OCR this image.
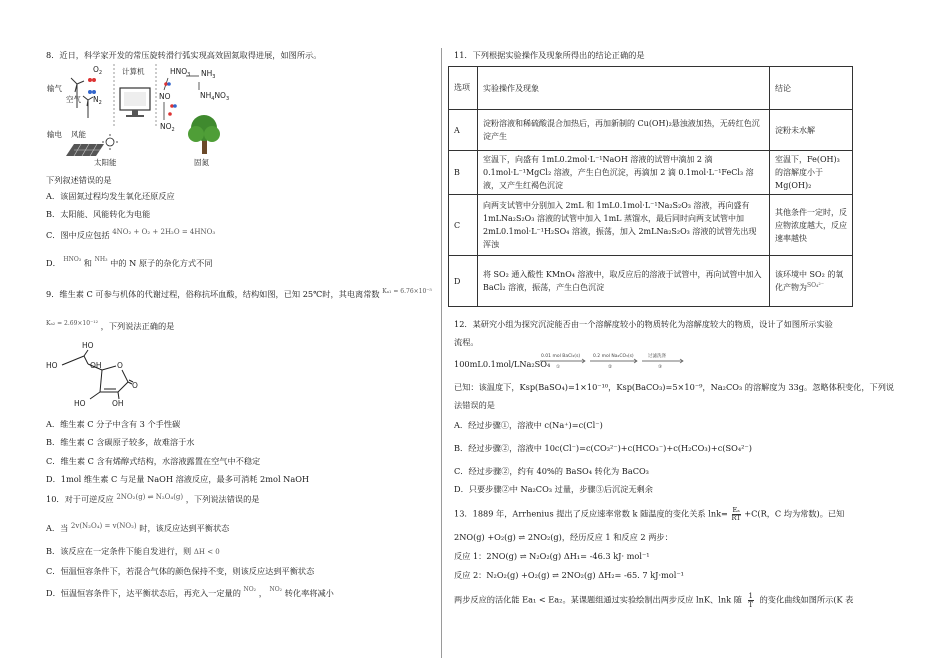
8．近日，科学家开发的常压旋转滑行弧实现高效固氮取得进展，如图所示。
输气
空气
$O_2$
$N_2$
输电 风能
太阳能
计算机	$HNO_3$ $NH_3$
NO	$NH_4NO_3$
$NO_2$
固氮
下列叙述错误的是
A．该固氮过程均发生氧化还原反应
B．太阳能、风能转化为电能
C．图中反应包括 4NO₂ + O₂ + 2H₂O = 4HNO₃
D． $^{HNO_3}$ 和 $^{NH_3}$ 中的 N 原子的杂化方式不同
9．维生素 C 可参与机体的代谢过程，俗称抗坏血酸，结构如图，已知 25℃时，其电离常数 $^{K_{a1} = 6.76\times 10^{-5}}$
$^{K_{a2} = 2.69\times 10^{-12}}$ ，下列说法正确的是
HO
HO	OH O
O
HO	OH
A．维生素 C 分子中含有 3 个手性碳
B．维生素 C 含碳原子较多，故难溶于水
C．维生素 C 含有烯醇式结构，水溶液露置在空气中不稳定
D．1mol 维生素 C 与足量 NaOH 溶液反应，最多可消耗 2mol NaOH
10．对于可逆反应 2NO₂(g) ⇌ N₂O₄(g) ，下列说法错误的是
A．当 2v(N₂O₄) = v(NO₂) 时，该反应达到平衡状态
B．该反应在一定条件下能自发进行，则 ΔH < 0
C．恒温恒容条件下，若混合气体的颜色保持不变，则该反应达到平衡状态
D．恒温恒容条件下，达平衡状态后，再充入一定量的 $^{NO_2}$ ， $^{NO_2}$ 转化率将减小
11．下列根据实验操作及现象所得出的结论正确的是
选项	实验操作及现象	结论
A	淀粉溶液和稀硫酸混合加热后，再加新制的 Cu(OH)₂悬浊液加热，无砖红色沉淀产生	淀粉未水解
B	室温下，向盛有 1mL0.2mol·L⁻¹NaOH 溶液的试管中滴加 2 滴 0.1mol·L⁻¹MgCl₂ 溶液，产生白色沉淀，再滴加 2 滴 0.1mol·L⁻¹FeCl₃ 溶液，又产生红褐色沉淀	室温下，Fe(OH)₃ 的溶解度小于 Mg(OH)₂
C	向两支试管中分别加入 2mL 和 1mL0.1mol·L⁻¹Na₂S₂O₃ 溶液，再向盛有 1mLNa₂S₂O₃ 溶液的试管中加入 1mL 蒸馏水，最后同时向两支试管中加 2mL0.1mol·L⁻¹H₂SO₄ 溶液，振荡，加入 2mLNa₂S₂O₃ 溶液的试管先出现浑浊	其他条件一定时，反应物浓度越大，反应速率越快
D	将 SO₂ 通入酸性 KMnO₄ 溶液中，取反应后的溶液于试管中，再向试管中加入 BaCl₂ 溶液，振荡，产生白色沉淀	该环境中 SO₂ 的氧化产物为$^{SO_4^{2-}}$
12．某研究小组为探究沉淀能否由一个溶解度较小的物质转化为溶解度较大的物质，设计了如图所示实验
流程。
100mL0.1mol/LNa₂SO₄
0.01 mol BaCl₂(s)
①
0.2 mol Na₂CO₃(s)
②
过滤洗涤
③
已知：该温度下，Ksp(BaSO₄)=1×10⁻¹⁰，Ksp(BaCO₃)=5×10⁻⁹，Na₂CO₃ 的溶解度为 33g。忽略体积变化，下列说
法错误的是
A．经过步骤①，溶液中 c(Na⁺)=c(Cl⁻)
B．经过步骤②，溶液中 10c(Cl⁻)=c(CO₃²⁻)+c(HCO₃⁻)+c(H₂CO₃)+c(SO₄²⁻)
C．经过步骤②，约有 40%的 BaSO₄ 转化为 BaCO₃
D．只要步骤②中 Na₂CO₃ 过量，步骤③后沉淀无剩余
13．1889 年，Arrhenius 提出了反应速率常数 k 随温度的变化关系 $\ln k= \frac{\text{Eₐ}}{RT} +C(R$，C 均为常数)。已知
2NO(g) +O₂(g) ⇌ 2NO₂(g)，经历反应 1 和反应 2 两步：
反应 1：2NO(g) ⇌ N₂O₂(g) ΔH₁= -46.3 kJ· mol⁻¹
反应 2：N₂O₂(g) +O₂(g) ⇌ 2NO₂(g) ΔH₂= -65. 7 kJ·mol⁻¹
两步反应的活化能 Ea₁ < Ea₂。某课题组通过实验绘制出两步反应 lnK、lnk 随 $\frac{1}{T}$ 的变化曲线如图所示(K 表
